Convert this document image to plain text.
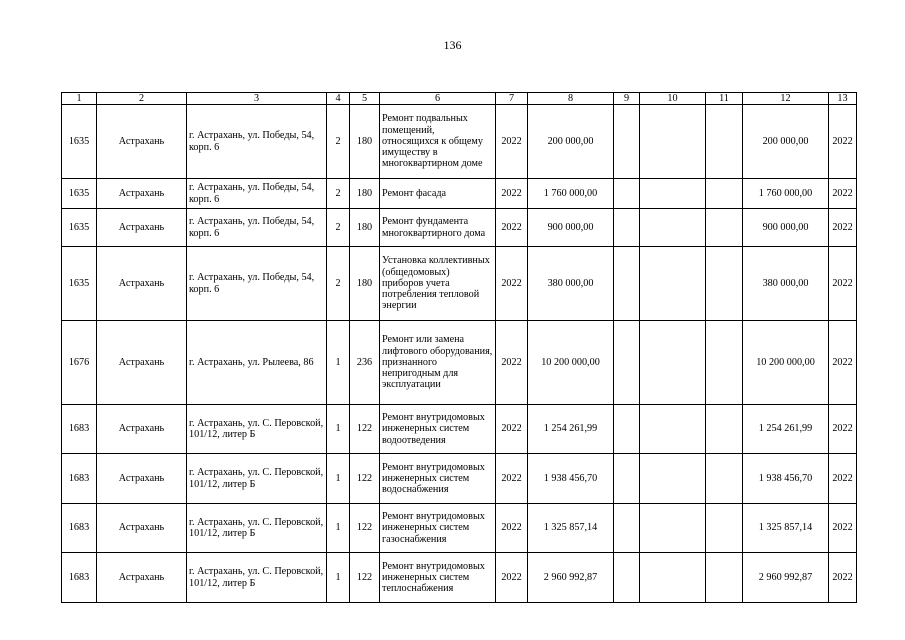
136
1	2	3	4	5	6	7	8	9	10	11	12	13
1635	Астрахань	г. Астрахань, ул. Победы, 54, корп. 6	2	180	Ремонт подвальных помещений, относящихся к общему имуществу в многоквартирном доме	2022	200 000,00				200 000,00	2022
1635	Астрахань	г. Астрахань, ул. Победы, 54, корп. 6	2	180	Ремонт фасада	2022	1 760 000,00				1 760 000,00	2022
1635	Астрахань	г. Астрахань, ул. Победы, 54, корп. 6	2	180	Ремонт фундамента многоквартирного дома	2022	900 000,00				900 000,00	2022
1635	Астрахань	г. Астрахань, ул. Победы, 54, корп. 6	2	180	Установка коллективных (общедомовых) приборов учета потребления тепловой энергии	2022	380 000,00				380 000,00	2022
1676	Астрахань	г. Астрахань, ул. Рылеева, 86	1	236	Ремонт или замена лифтового оборудования, признанного непригодным для эксплуатации	2022	10 200 000,00				10 200 000,00	2022
1683	Астрахань	г. Астрахань, ул. С. Перовской, 101/12, литер Б	1	122	Ремонт внутридомовых инженерных систем водоотведения	2022	1 254 261,99				1 254 261,99	2022
1683	Астрахань	г. Астрахань, ул. С. Перовской, 101/12, литер Б	1	122	Ремонт внутридомовых инженерных систем водоснабжения	2022	1 938 456,70				1 938 456,70	2022
1683	Астрахань	г. Астрахань, ул. С. Перовской, 101/12, литер Б	1	122	Ремонт внутридомовых инженерных систем газоснабжения	2022	1 325 857,14				1 325 857,14	2022
1683	Астрахань	г. Астрахань, ул. С. Перовской, 101/12, литер Б	1	122	Ремонт внутридомовых инженерных систем теплоснабжения	2022	2 960 992,87				2 960 992,87	2022
